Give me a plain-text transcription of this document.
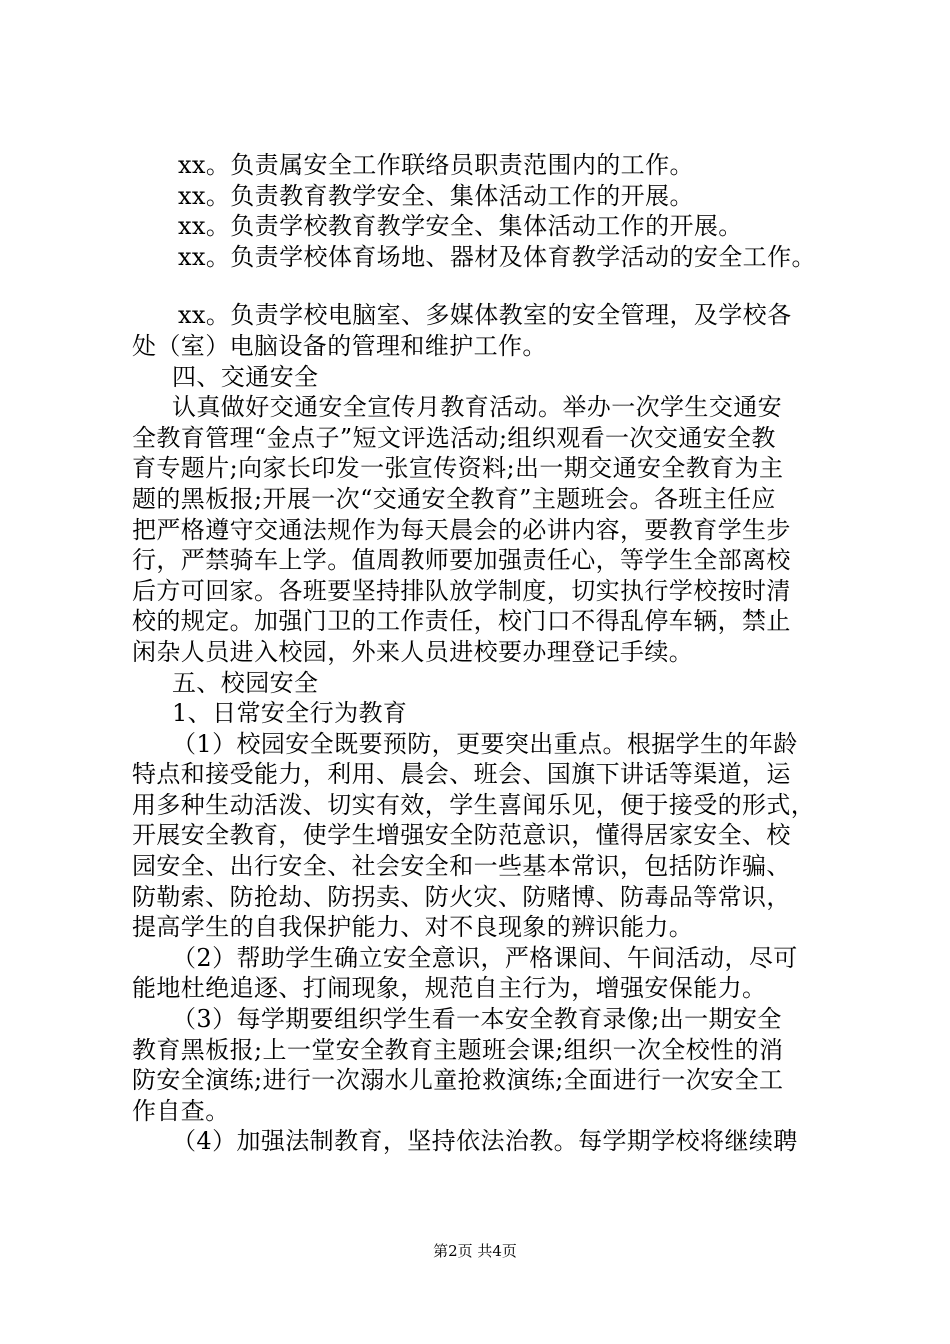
xx。负责属安全工作联络员职责范围内的工作。
xx。负责教育教学安全、集体活动工作的开展。
xx。负责学校教育教学安全、集体活动工作的开展。
xx。负责学校体育场地、器材及体育教学活动的安全工作。
xx。负责学校电脑室、多媒体教室的安全管理，及学校各
处（室）电脑设备的管理和维护工作。
四、交通安全
认真做好交通安全宣传月教育活动。举办一次学生交通安
全教育管理“金点子”短文评选活动;组织观看一次交通安全教
育专题片;向家长印发一张宣传资料;出一期交通安全教育为主
题的黑板报;开展一次“交通安全教育”主题班会。各班主任应
把严格遵守交通法规作为每天晨会的必讲内容，要教育学生步
行，严禁骑车上学。值周教师要加强责任心，等学生全部离校
后方可回家。各班要坚持排队放学制度，切实执行学校按时清
校的规定。加强门卫的工作责任，校门口不得乱停车辆，禁止
闲杂人员进入校园，外来人员进校要办理登记手续。
五、校园安全
1、日常安全行为教育
（1）校园安全既要预防，更要突出重点。根据学生的年龄
特点和接受能力，利用、晨会、班会、国旗下讲话等渠道，运
用多种生动活泼、切实有效，学生喜闻乐见，便于接受的形式，
开展安全教育，使学生增强安全防范意识，懂得居家安全、校
园安全、出行安全、社会安全和一些基本常识，包括防诈骗、
防勒索、防抢劫、防拐卖、防火灾、防赌博、防毒品等常识，
提高学生的自我保护能力、对不良现象的辨识能力。
（2）帮助学生确立安全意识，严格课间、午间活动，尽可
能地杜绝追逐、打闹现象，规范自主行为，增强安保能力。
（3）每学期要组织学生看一本安全教育录像;出一期安全
教育黑板报;上一堂安全教育主题班会课;组织一次全校性的消
防安全演练;进行一次溺水儿童抢救演练;全面进行一次安全工
作自查。
（4）加强法制教育，坚持依法治教。每学期学校将继续聘
第2页 共4页
